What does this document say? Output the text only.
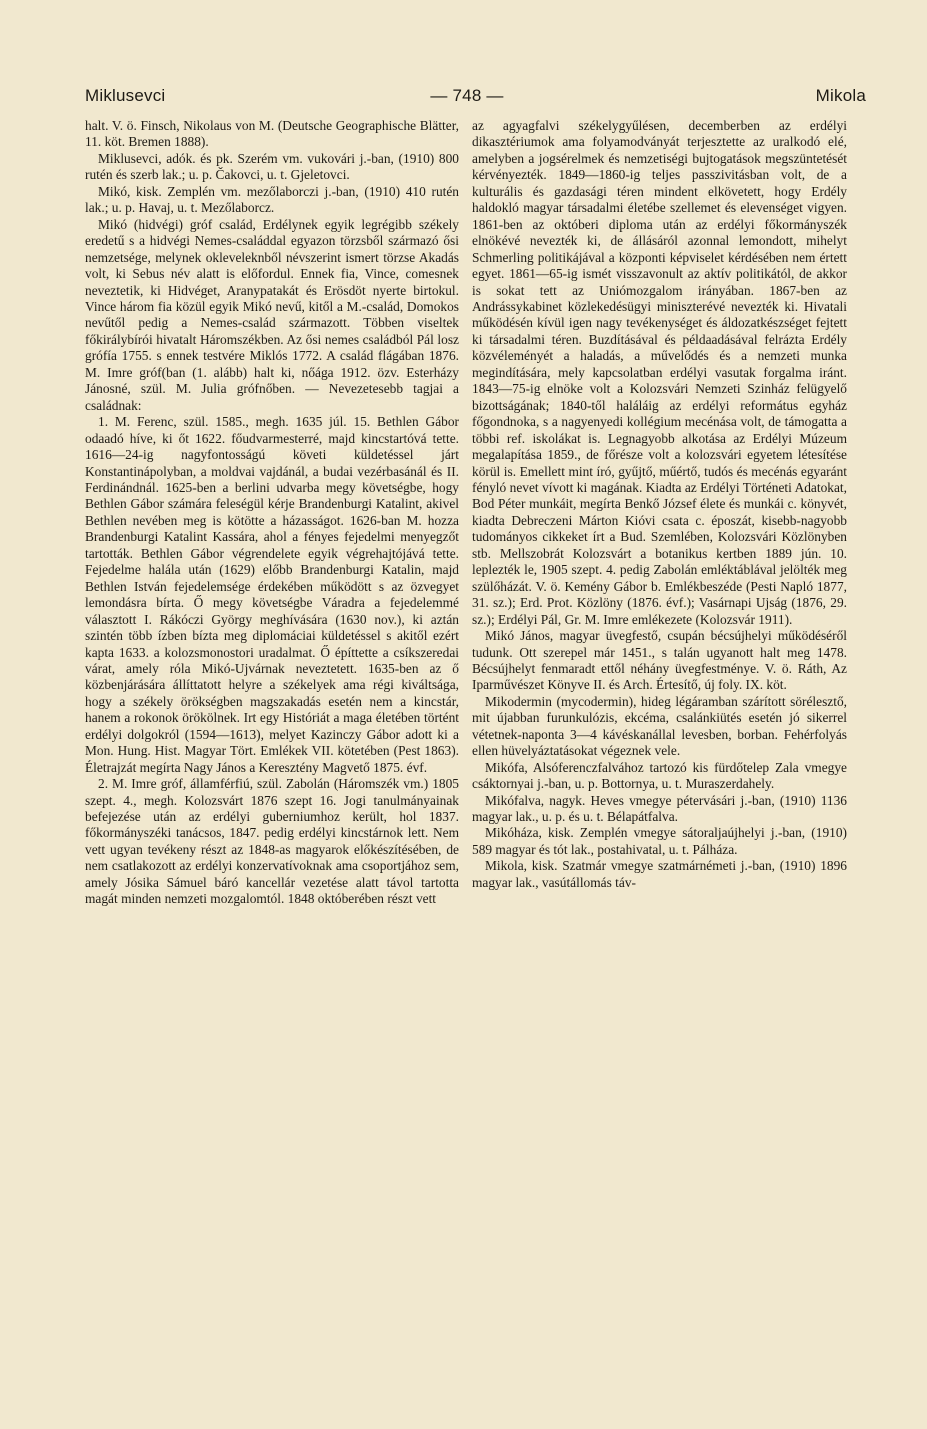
Miklusevci	— 748 —	Mikola

halt. V. ö. Finsch, Nikolaus von M. (Deutsche Geographische Blätter, 11. köt. Bremen 1888).

Miklusevci, adók. és pk. Szerém vm. vukovári j.-ban, (1910) 800 rutén és szerb lak.; u. p. Čakovci, u. t. Gjeletovci.

Mikó, kisk. Zemplén vm. mezőlaborczi j.-ban, (1910) 410 rutén lak.; u. p. Havaj, u. t. Mezőlaborcz.

Mikó (hidvégi) gróf család, Erdélynek egyik legrégibb székely eredetű s a hidvégi Nemes-családdal egyazon törzsből származó ősi nemzetsége, melynek okleveleknből névszerint ismert törzse Akadás volt, ki Sebus név alatt is előfordul. Ennek fia, Vince, comesnek neveztetik, ki Hidvéget, Aranypatakát és Erösdöt nyerte birtokul. Vince három fia közül egyik Mikó nevű, kitől a M.-család, Domokos nevűtől pedig a Nemes-család származott. Többen viseltek főkirálybírói hivatalt Háromszékben. Az ősi nemes családból Pál losz grófía 1755. s ennek testvére Miklós 1772. A család flágában 1876. M. Imre gróf(ban (1. alább) halt ki, nőága 1912. özv. Esterházy Jánosné, szül. M. Julia grófnőben. — Nevezetesebb tagjai a családnak:

1. M. Ferenc, szül. 1585., megh. 1635 júl. 15. Bethlen Gábor odaadó híve, ki őt 1622. főudvarmesterré, majd kincstartóvá tette. 1616—24-ig nagyfontosságú követi küldetéssel járt Konstantinápolyban, a moldvai vajdánál, a budai vezérbasánál és II. Ferdinándnál. 1625-ben a berlini udvarba megy követségbe, hogy Bethlen Gábor számára feleségül kérje Brandenburgi Katalint, akivel Bethlen nevében meg is kötötte a házasságot. 1626-ban M. hozza Brandenburgi Katalint Kassára, ahol a fényes fejedelmi menyegzőt tartották. Bethlen Gábor végrendelete egyik végrehajtójává tette. Fejedelme halála után (1629) előbb Brandenburgi Katalin, majd Bethlen István fejedelemsége érdekében működött s az özvegyet lemondásra bírta. Ő megy követségbe Váradra a fejedelemmé választott I. Rákóczi György meghívására (1630 nov.), ki aztán szintén több ízben bízta meg diplomáciai küldetéssel s akitől ezért kapta 1633. a kolozsmonostori uradalmat. Ő építtette a csíkszeredai várat, amely róla Mikó-Ujvárnak neveztetett. 1635-ben az ő közbenjárására állíttatott helyre a székelyek ama régi kiváltsága, hogy a székely örökségben magszakadás esetén nem a kincstár, hanem a rokonok örökölnek. Irt egy Históriát a maga életében történt erdélyi dolgokról (1594—1613), melyet Kazinczy Gábor adott ki a Mon. Hung. Hist. Magyar Tört. Emlékek VII. kötetében (Pest 1863). Életrajzát megírta Nagy János a Keresztény Magvető 1875. évf.

2. M. Imre gróf, államférfiú, szül. Zabolán (Háromszék vm.) 1805 szept. 4., megh. Kolozsvárt 1876 szept 16. Jogi tanulmányainak befejezése után az erdélyi guberniumhoz került, hol 1837. főkormányszéki tanácsos, 1847. pedig erdélyi kincstárnok lett. Nem vett ugyan tevékeny részt az 1848-as magyarok előkészítésében, de nem csatlakozott az erdélyi konzervatívoknak ama csoportjához sem, amely Jósika Sámuel báró kancellár vezetése alatt távol tartotta magát minden nemzeti mozgalomtól. 1848 októberében részt vett

az agyagfalvi székelygyűlésen, decemberben az erdélyi dikasztériumok ama folyamodványát terjesztette az uralkodó elé, amelyben a jogsérelmek és nemzetiségi bujtogatások megszüntetését kérvényezték. 1849—1860-ig teljes passzivitásban volt, de a kulturális és gazdasági téren mindent elkövetett, hogy Erdély haldokló magyar társadalmi életébe szellemet és elevenséget vigyen. 1861-ben az októberi diploma után az erdélyi főkormányszék elnökévé nevezték ki, de állásáról azonnal lemondott, mihelyt Schmerling politikájával a központi képviselet kérdésében nem értett egyet. 1861—65-ig ismét visszavonult az aktív politikától, de akkor is sokat tett az Uniómozgalom irányában. 1867-ben az Andrássykabinet közlekedésügyi miniszterévé nevezték ki. Hivatali működésén kívül igen nagy tevékenységet és áldozatkészséget fejtett ki társadalmi téren. Buzdításával és példaadásával felrázta Erdély közvéleményét a haladás, a művelődés és a nemzeti munka megindítására, mely kapcsolatban erdélyi vasutak forgalma iránt. 1843—75-ig elnöke volt a Kolozsvári Nemzeti Szinház felügyelő bizottságának; 1840-től haláláig az erdélyi református egyház főgondnoka, s a nagyenyedi kollégium mecénása volt, de támogatta a többi ref. iskolákat is. Legnagyobb alkotása az Erdélyi Múzeum megalapítása 1859., de főrésze volt a kolozsvári egyetem létesítése körül is. Emellett mint író, gyűjtő, műértő, tudós és mecénás egyaránt fényló nevet vívott ki magának. Kiadta az Erdélyi Történeti Adatokat, Bod Péter munkáit, megírta Benkő József élete és munkái c. könyvét, kiadta Debreczeni Márton Kióvi csata c. époszát, kisebb-nagyobb tudományos cikkeket írt a Bud. Szemlében, Kolozsvári Közlönyben stb. Mellszobrát Kolozsvárt a botanikus kertben 1889 jún. 10. leplezték le, 1905 szept. 4. pedig Zabolán emléktáblával jelölték meg szülőházát. V. ö. Kemény Gábor b. Emlékbeszéde (Pesti Napló 1877, 31. sz.); Erd. Prot. Közlöny (1876. évf.); Vasárnapi Ujság (1876, 29. sz.); Erdélyi Pál, Gr. M. Imre emlékezete (Kolozsvár 1911).

Mikó János, magyar üvegfestő, csupán bécsújhelyi működéséről tudunk. Ott szerepel már 1451., s talán ugyanott halt meg 1478. Bécsújhelyt fenmaradt ettől néhány üvegfestménye. V. ö. Ráth, Az Iparművészet Könyve II. és Arch. Értesítő, új foly. IX. köt.

Mikodermin (mycodermin), hideg légáramban szárított sörélesztő, mit újabban furunkulózis, ekcéma, csalánkiütés esetén jó sikerrel vétetnek-naponta 3—4 kávéskanállal levesben, borban. Fehérfolyás ellen hüvelyáztatásokat végeznek vele.

Mikófa, Alsóferenczfalvához tartozó kis fürdőtelep Zala vmegye csáktornyai j.-ban, u. p. Bottornya, u. t. Muraszerdahely.

Mikófalva, nagyk. Heves vmegye pétervásári j.-ban, (1910) 1136 magyar lak., u. p. és u. t. Bélapátfalva.

Mikóháza, kisk. Zemplén vmegye sátoraljaújhelyi j.-ban, (1910) 589 magyar és tót lak., postahivatal, u. t. Pálháza.

Mikola, kisk. Szatmár vmegye szatmárnémeti j.-ban, (1910) 1896 magyar lak., vasútállomás táv-
